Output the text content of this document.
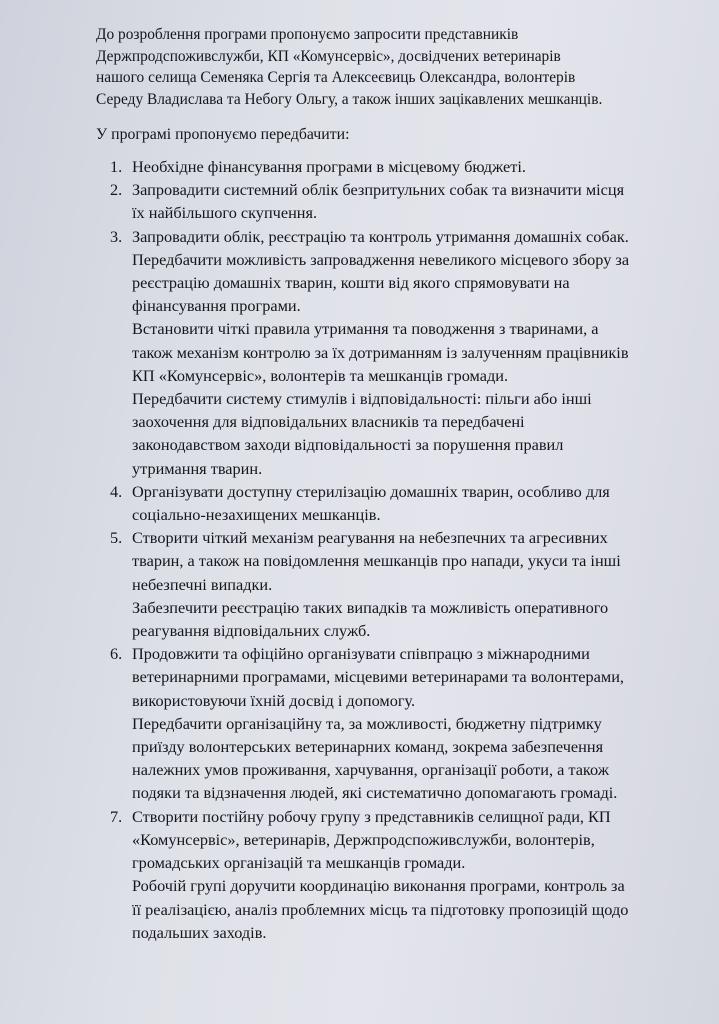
До розроблення програми пропонуємо запросити представників
Держпродспоживслужби, КП «Комунсервіс», досвідчених ветеринарів
нашого селища Семеняка Сергія та Алексеєвиць Олександра, волонтерів
Середу Владислава та Небогу Ольгу, а також інших зацікавлених мешканців.

У програмі пропонуємо передбачити:

1. Необхідне фінансування програми в місцевому бюджеті.
2. Запровадити системний облік безпритульних собак та визначити місця
їх найбільшого скупчення.
3. Запровадити облік, реєстрацію та контроль утримання домашніх собак.
Передбачити можливість запровадження невеликого місцевого збору за
реєстрацію домашніх тварин, кошти від якого спрямовувати на
фінансування програми.
Встановити чіткі правила утримання та поводження з тваринами, а
також механізм контролю за їх дотриманням із залученням працівників
КП «Комунсервіс», волонтерів та мешканців громади.
Передбачити систему стимулів і відповідальності: пільги або інші
заохочення для відповідальних власників та передбачені
законодавством заходи відповідальності за порушення правил
утримання тварин.
4. Організувати доступну стерилізацію домашніх тварин, особливо для
соціально-незахищених мешканців.
5. Створити чіткий механізм реагування на небезпечних та агресивних
тварин, а також на повідомлення мешканців про напади, укуси та інші
небезпечні випадки.
Забезпечити реєстрацію таких випадків та можливість оперативного
реагування відповідальних служб.
6. Продовжити та офіційно організувати співпрацю з міжнародними
ветеринарними програмами, місцевими ветеринарами та волонтерами,
використовуючи їхній досвід і допомогу.
Передбачити організаційну та, за можливості, бюджетну підтримку
приїзду волонтерських ветеринарних команд, зокрема забезпечення
належних умов проживання, харчування, організації роботи, а також
подяки та відзначення людей, які систематично допомагають громаді.
7. Створити постійну робочу групу з представників селищної ради, КП
«Комунсервіс», ветеринарів, Держпродспоживслужби, волонтерів,
громадських організацій та мешканців громади.
Робочій групі доручити координацію виконання програми, контроль за
її реалізацією, аналіз проблемних місць та підготовку пропозицій щодо
подальших заходів.
